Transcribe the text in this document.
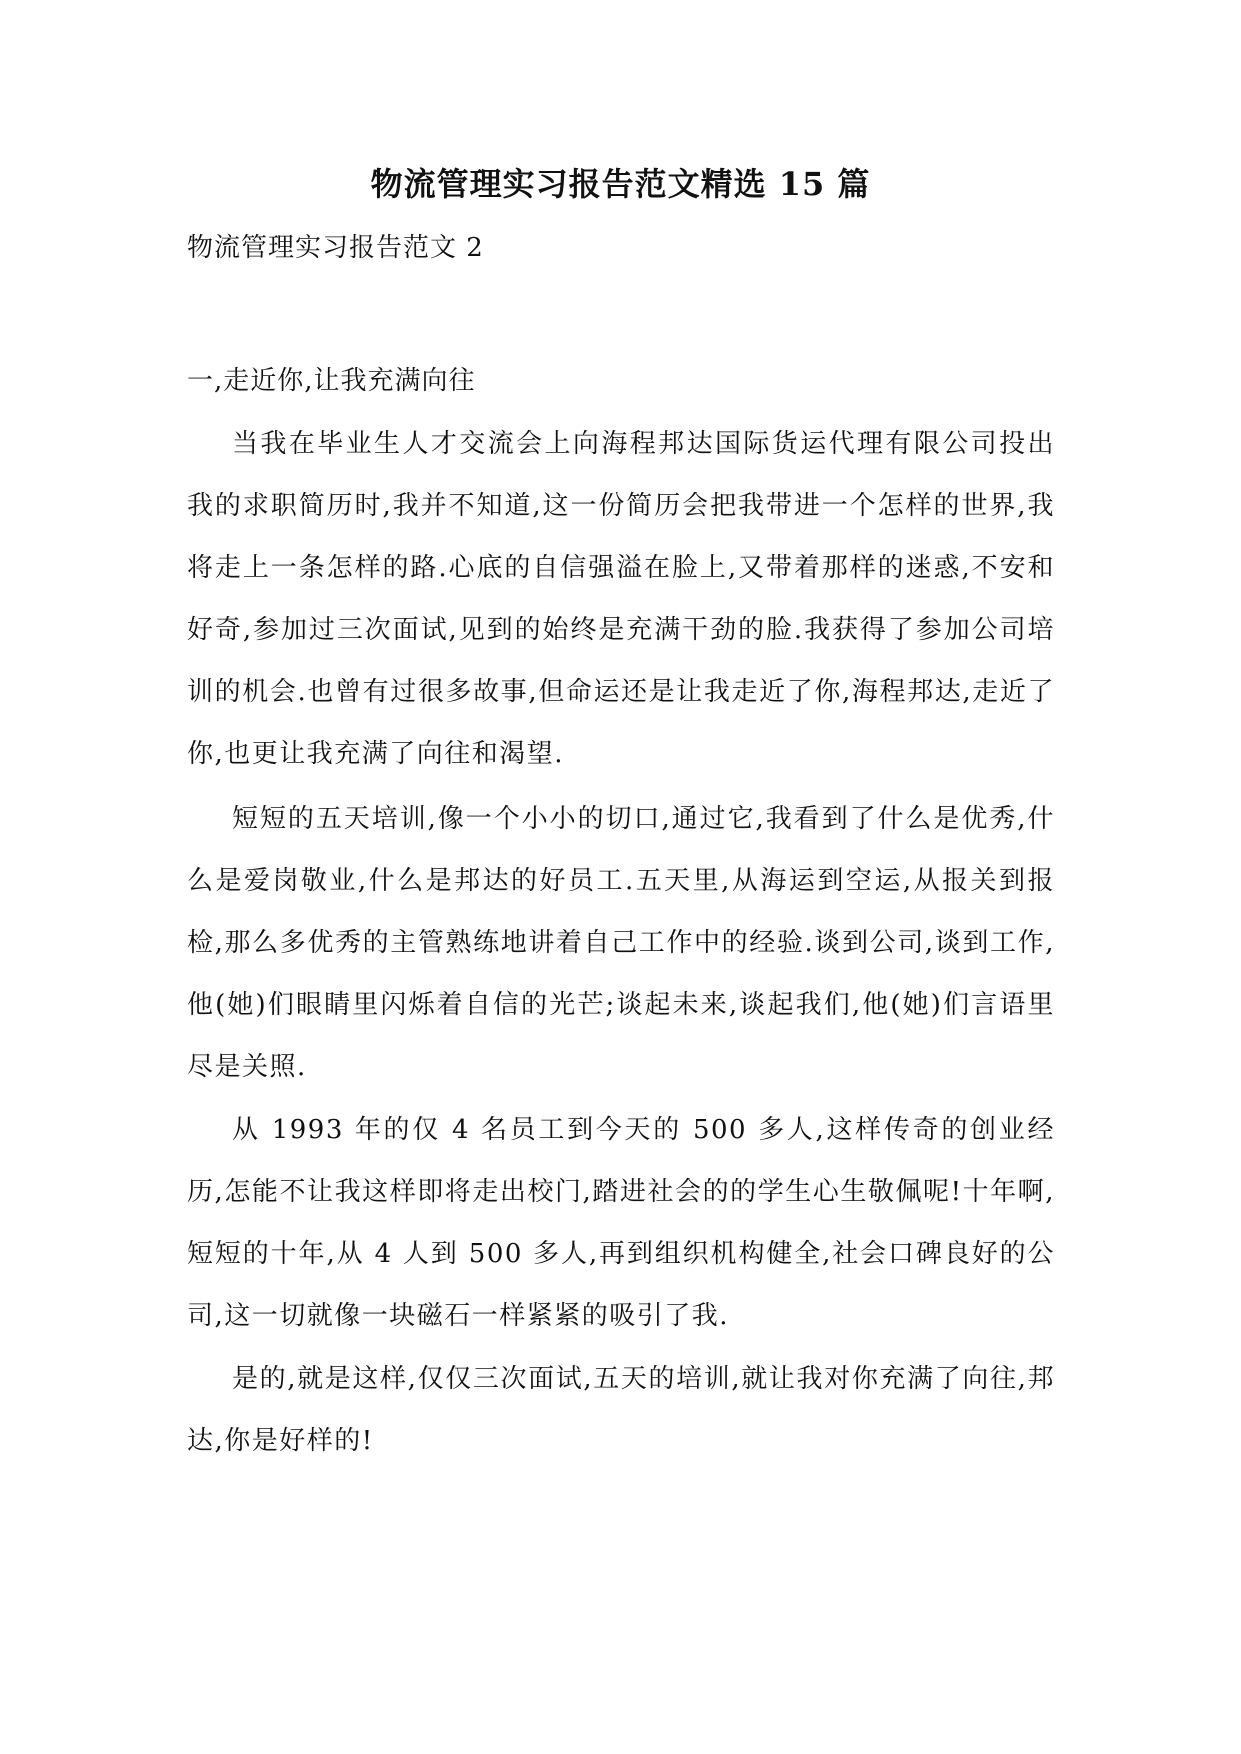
物流管理实习报告范文精选 15 篇
物流管理实习报告范文 2
一,走近你,让我充满向往

当我在毕业生人才交流会上向海程邦达国际货运代理有限公司投出我的求职简历时,我并不知道,这一份简历会把我带进一个怎样的世界,我将走上一条怎样的路.心底的自信强溢在脸上,又带着那样的迷惑,不安和好奇,参加过三次面试,见到的始终是充满干劲的脸.我获得了参加公司培训的机会.也曾有过很多故事,但命运还是让我走近了你,海程邦达,走近了你,也更让我充满了向往和渴望.

短短的五天培训,像一个小小的切口,通过它,我看到了什么是优秀,什么是爱岗敬业,什么是邦达的好员工.五天里,从海运到空运,从报关到报检,那么多优秀的主管熟练地讲着自己工作中的经验.谈到公司,谈到工作,他(她)们眼睛里闪烁着自信的光芒;谈起未来,谈起我们,他(她)们言语里尽是关照.

从 1993 年的仅 4 名员工到今天的 500 多人,这样传奇的创业经历,怎能不让我这样即将走出校门,踏进社会的的学生心生敬佩呢!十年啊,短短的十年,从 4 人到 500 多人,再到组织机构健全,社会口碑良好的公司,这一切就像一块磁石一样紧紧的吸引了我.

是的,就是这样,仅仅三次面试,五天的培训,就让我对你充满了向往,邦达,你是好样的!
